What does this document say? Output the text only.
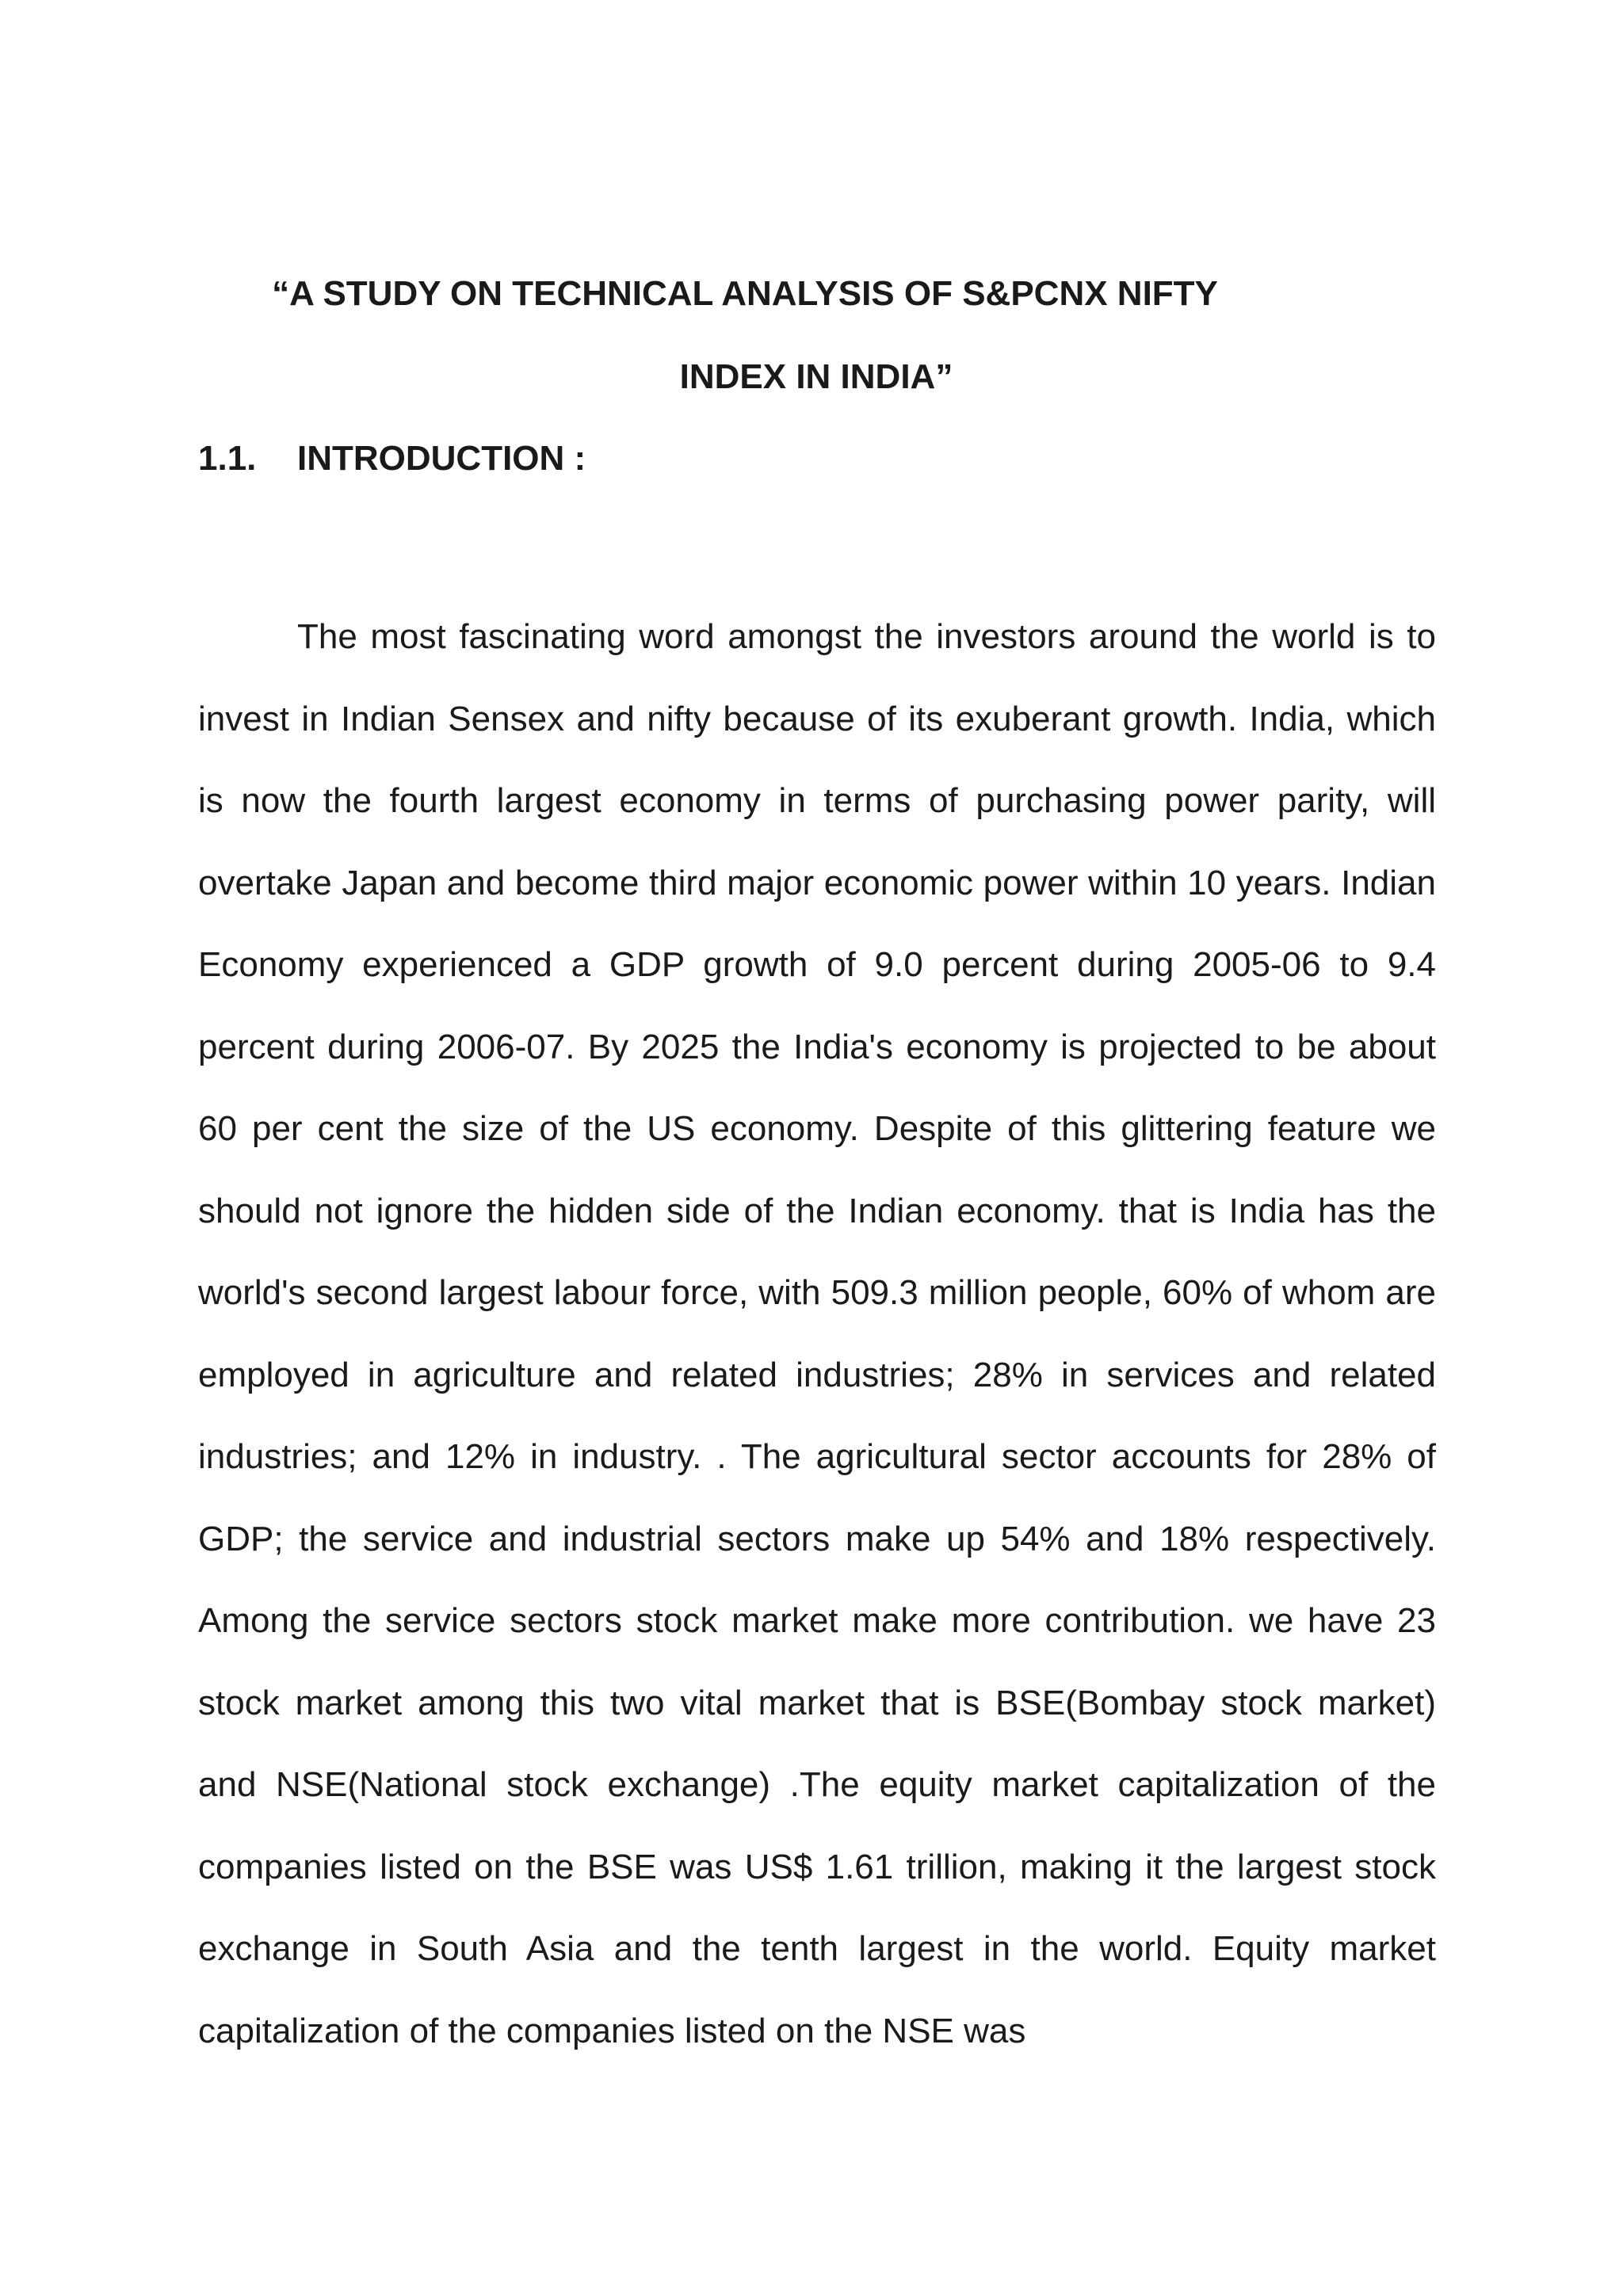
“A STUDY ON TECHNICAL ANALYSIS OF S&PCNX NIFTY
INDEX IN INDIA”
1.1. INTRODUCTION :

The most fascinating word amongst the investors around the world is to invest in Indian Sensex and nifty because of its exuberant growth. India, which is now the fourth largest economy in terms of purchasing power parity, will overtake Japan and become third major economic power within 10 years. Indian Economy experienced a GDP growth of 9.0 percent during 2005-06 to 9.4 percent during 2006-07. By 2025 the India's economy is projected to be about 60 per cent the size of the US economy. Despite of this glittering feature we should not ignore the hidden side of the Indian economy. that is India has the world's second largest labour force, with 509.3 million people, 60% of whom are employed in agriculture and related industries; 28% in services and related industries; and 12% in industry. . The agricultural sector accounts for 28% of GDP; the service and industrial sectors make up 54% and 18% respectively. Among the service sectors stock market make more contribution. we have 23 stock market among this two vital market that is BSE(Bombay stock market) and NSE(National stock exchange) .The equity market capitalization of the companies listed on the BSE was US$ 1.61 trillion, making it the largest stock exchange in South Asia and the tenth largest in the world. Equity market capitalization of the companies listed on the NSE was
